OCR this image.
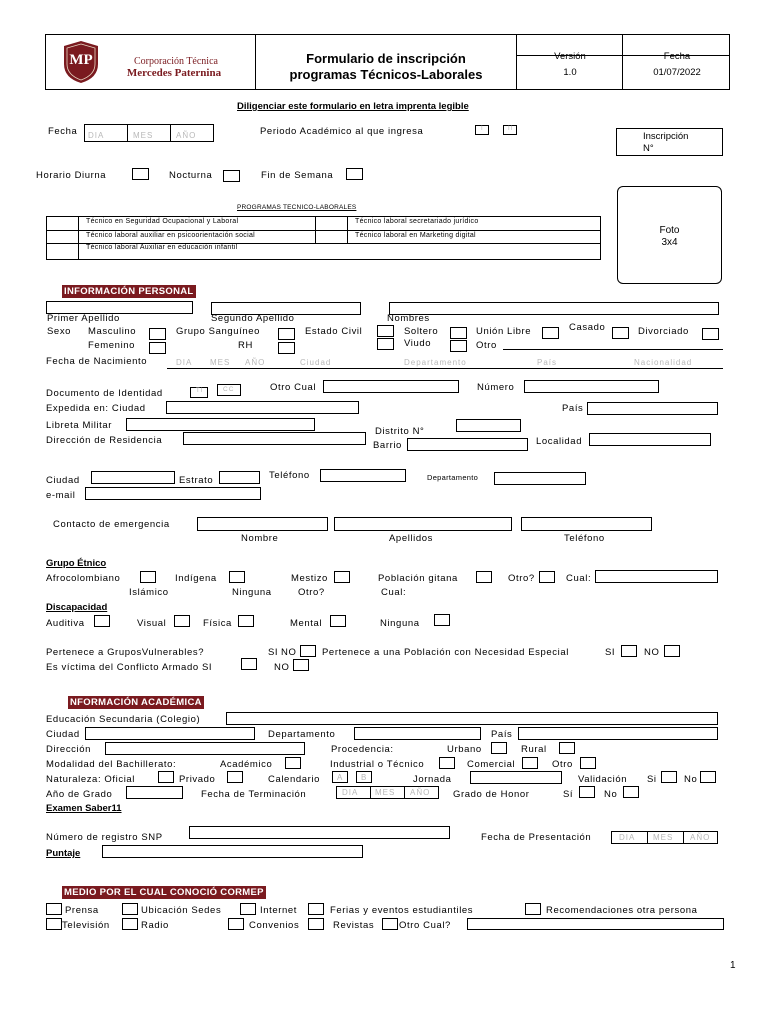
MP	Corporación Técnica
Mercedes Paternina
Formulario de inscripción
programas Técnicos-Laborales
Versión
1.0
Fecha
01/07/2022
Diligenciar este formulario en letra imprenta legible
Fecha DIA	MES	AÑO	Periodo Académico al que ingresa	I	II
Inscripción
N°
Horario Diurna	Nocturna	Fin de Semana
PROGRAMAS TECNICO-LABORALES
Técnico en Seguridad Ocupacional y Laboral	Técnico laboral secretariado jurídico
Técnico laboral auxiliar en psicoorientación social	Técnico laboral en Marketing digital
Técnico laboral Auxiliar en educación infantil
Foto
3x4
INFORMACIÓN PERSONAL
Primer Apellido	Segundo Apellido	Nombres
Sexo Masculino
Femenino
Grupo Sanguíneo
RH
Estado Civil	Soltero
Viudo
Unión Libre	Casado	Divorciado
Otro
Fecha de Nacimiento	DIA MES AÑO	Ciudad	Departamento	País	Nacionalidad
Documento de Identidad	TI	CC	Otro Cual	Número
Expedida en: Ciudad	País
Libreta Militar
Distrito N°
Dirección de Residencia	Barrio	Localidad
Ciudad	Estrato	Teléfono	Departamento
e-mail
Contacto de emergencia
Nombre	Apellidos	Teléfono
Grupo Étnico
Afrocolombiano	Indígena	Mestizo	Población gitana	Otro?	Cual:
Islámico	Ninguna	Otro?	Cual:
Discapacidad
Auditiva	Visual	Física	Mental	Ninguna
Pertenece a GruposVulnerables?	SI NO	Pertenece a una Población con Necesidad Especial	SI	NO
Es víctima del Conflicto Armado SI	NO
NFORMACIÓN ACADÉMICA
Educación Secundaria (Colegio)
Ciudad	Departamento	País
Dirección	Procedencia:	Urbano	Rural
Modalidad del Bachillerato:	Académico	Industrial o Técnico	Comercial	Otro
Naturaleza: Oficial	Privado	Calendario A B	Jornada	Validación Si	No
Año de Grado	Fecha de Terminación	DIA MES AÑO Grado de Honor	Sí	No
Examen Saber11
Número de registro SNP	Fecha de Presentación	DIA MES AÑO
Puntaje
MEDIO POR EL CUAL CONOCIÓ CORMEP
Prensa	Ubicación Sedes	Internet	Ferias y eventos estudiantiles	Recomendaciones otra persona
Televisión	Radio	Convenios	Revistas	Otro Cual?
1
